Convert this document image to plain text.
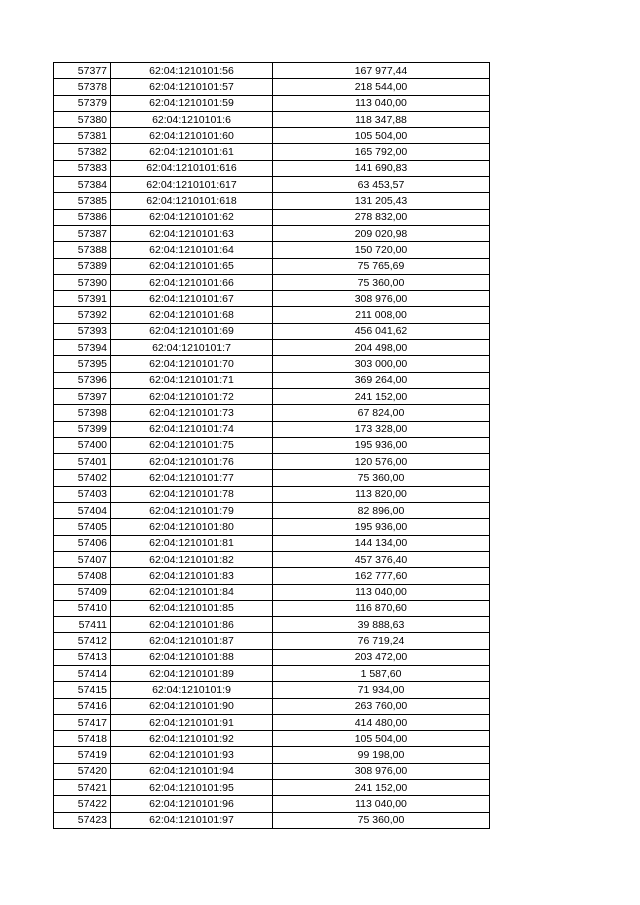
57377	62:04:1210101:56	167 977,44
57378	62:04:1210101:57	218 544,00
57379	62:04:1210101:59	113 040,00
57380	62:04:1210101:6	118 347,88
57381	62:04:1210101:60	105 504,00
57382	62:04:1210101:61	165 792,00
57383	62:04:1210101:616	141 690,83
57384	62:04:1210101:617	63 453,57
57385	62:04:1210101:618	131 205,43
57386	62:04:1210101:62	278 832,00
57387	62:04:1210101:63	209 020,98
57388	62:04:1210101:64	150 720,00
57389	62:04:1210101:65	75 765,69
57390	62:04:1210101:66	75 360,00
57391	62:04:1210101:67	308 976,00
57392	62:04:1210101:68	211 008,00
57393	62:04:1210101:69	456 041,62
57394	62:04:1210101:7	204 498,00
57395	62:04:1210101:70	303 000,00
57396	62:04:1210101:71	369 264,00
57397	62:04:1210101:72	241 152,00
57398	62:04:1210101:73	67 824,00
57399	62:04:1210101:74	173 328,00
57400	62:04:1210101:75	195 936,00
57401	62:04:1210101:76	120 576,00
57402	62:04:1210101:77	75 360,00
57403	62:04:1210101:78	113 820,00
57404	62:04:1210101:79	82 896,00
57405	62:04:1210101:80	195 936,00
57406	62:04:1210101:81	144 134,00
57407	62:04:1210101:82	457 376,40
57408	62:04:1210101:83	162 777,60
57409	62:04:1210101:84	113 040,00
57410	62:04:1210101:85	116 870,60
57411	62:04:1210101:86	39 888,63
57412	62:04:1210101:87	76 719,24
57413	62:04:1210101:88	203 472,00
57414	62:04:1210101:89	1 587,60
57415	62:04:1210101:9	71 934,00
57416	62:04:1210101:90	263 760,00
57417	62:04:1210101:91	414 480,00
57418	62:04:1210101:92	105 504,00
57419	62:04:1210101:93	99 198,00
57420	62:04:1210101:94	308 976,00
57421	62:04:1210101:95	241 152,00
57422	62:04:1210101:96	113 040,00
57423	62:04:1210101:97	75 360,00
